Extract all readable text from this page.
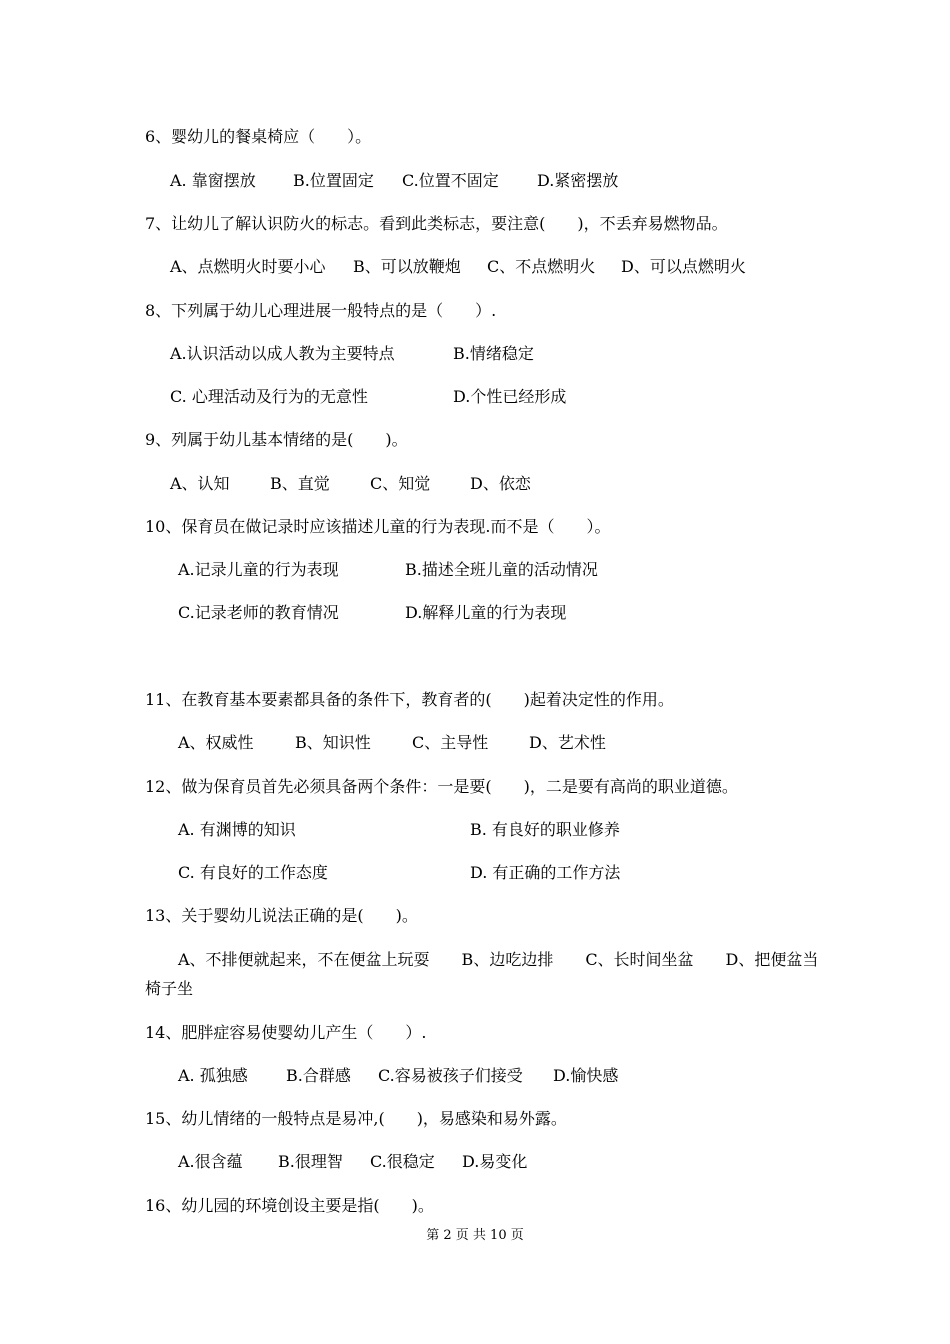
6、婴幼儿的餐桌椅应（　　）。
A. 靠窗摆放 B.位置固定 C.位置不固定 D.紧密摆放
7、让幼儿了解认识防火的标志。看到此类标志，要注意(　　)，不丢弃易燃物品。
A、点燃明火时要小心 B、可以放鞭炮 C、不点燃明火 D、可以点燃明火
8、下列属于幼儿心理进展一般特点的是（　　）.
A.认识活动以成人教为主要特点	B.情绪稳定
C. 心理活动及行为的无意性	D.个性已经形成
9、列属于幼儿基本情绪的是(　　)。
A、认知	B、直觉	C、知觉 D、依恋
10、保育员在做记录时应该描述儿童的行为表现.而不是（　　）。
A.记录儿童的行为表现	B.描述全班儿童的活动情况
C.记录老师的教育情况	D.解释儿童的行为表现
11、在教育基本要素都具备的条件下，教育者的(　　)起着决定性的作用。
A、权威性	B、知识性	C、主导性	D、艺术性
12、做为保育员首先必须具备两个条件：一是要(　　)，二是要有高尚的职业道德。
A. 有渊博的知识	B. 有良好的职业修养
C. 有良好的工作态度	D. 有正确的工作方法
13、关于婴幼儿说法正确的是(　　)。
A、不排便就起来，不在便盆上玩耍　　B、边吃边排　　C、长时间坐盆　　D、把便盆当
椅子坐
14、肥胖症容易使婴幼儿产生（　　）.
A. 孤独感 B.合群感 C.容易被孩子们接受 D.愉快感
15、幼儿情绪的一般特点是易冲,(　　)，易感染和易外露。
A.很含蕴 B.很理智 C.很稳定 D.易变化
16、幼儿园的环境创设主要是指(　　)。
第 2 页 共 10 页
